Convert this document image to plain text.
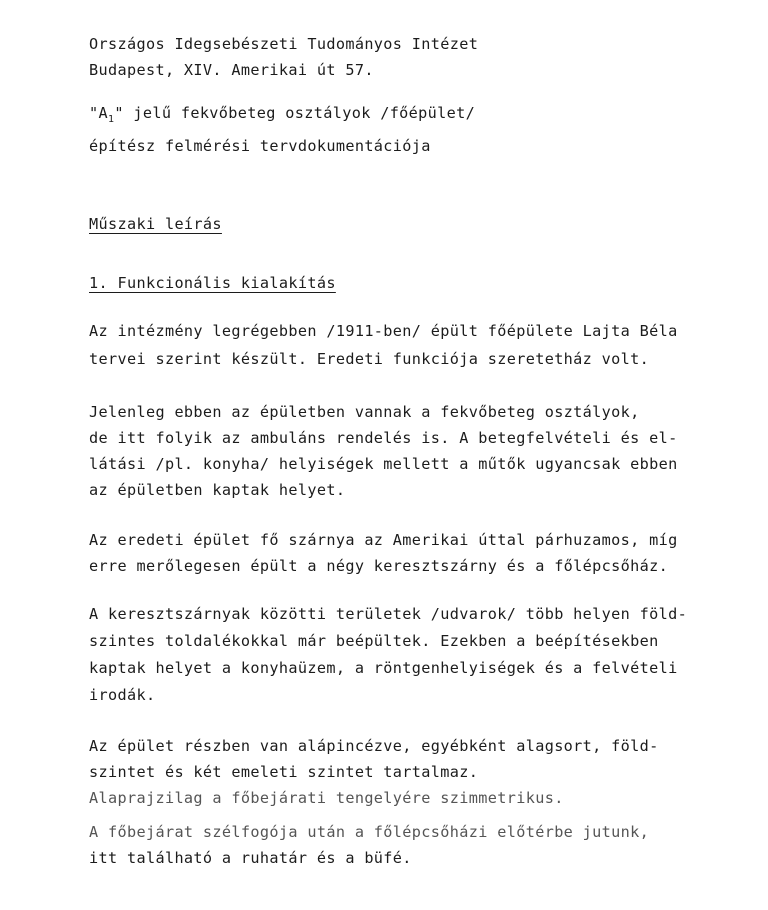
Országos Idegsebészeti Tudományos Intézet

Budapest, XIV. Amerikai út 57.

"$A_1$" jelű fekvőbeteg osztályok /főépület/

építész felmérési tervdokumentációja

Műszaki leírás

1. Funkcionális kialakítás

Az intézmény legrégebben /1911-ben/ épült főépülete Lajta Béla

tervei szerint készült. Eredeti funkciója szeretetház volt.

Jelenleg ebben az épületben vannak a fekvőbeteg osztályok,

de itt folyik az ambuláns rendelés is. A betegfelvételi és el-

látási /pl. konyha/ helyiségek mellett a műtők ugyancsak ebben

az épületben kaptak helyet.

Az eredeti épület fő szárnya az Amerikai úttal párhuzamos, míg

erre merőlegesen épült a négy keresztszárny és a főlépcsőház.

A keresztszárnyak közötti területek /udvarok/ több helyen föld-

szintes toldalékokkal már beépültek. Ezekben a beépítésekben

kaptak helyet a konyhaüzem, a röntgenhelyiségek és a felvételi

irodák.

Az épület részben van alápincézve, egyébként alagsort, föld-

szintet és két emeleti szintet tartalmaz.

Alaprajzilag a főbejárati tengelyére szimmetrikus.

A főbejárat szélfogója után a főlépcsőházi előtérbe jutunk,

itt található a ruhatár és a büfé.
